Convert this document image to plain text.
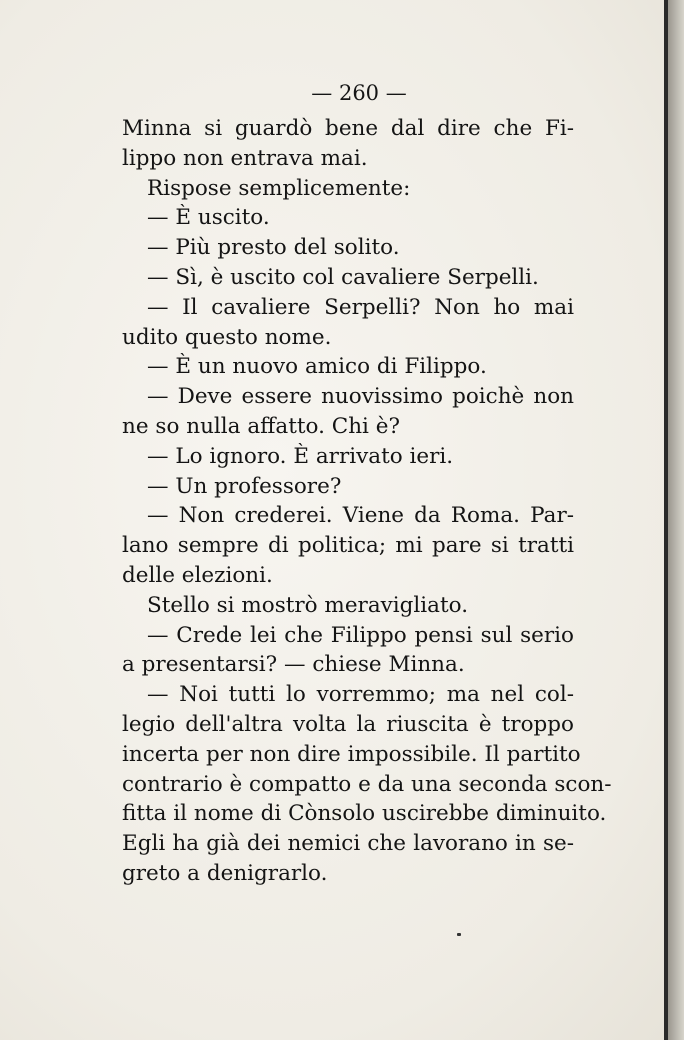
— 260 —
Minna si guardò bene dal dire che Fi-
lippo non entrava mai.
Rispose semplicemente:
— È uscito.
— Più presto del solito.
— Sì, è uscito col cavaliere Serpelli.
— Il cavaliere Serpelli? Non ho mai
udito questo nome.
— È un nuovo amico di Filippo.
— Deve essere nuovissimo poichè non
ne so nulla affatto. Chi è?
— Lo ignoro. È arrivato ieri.
— Un professore?
— Non crederei. Viene da Roma. Par-
lano sempre di politica; mi pare si tratti
delle elezioni.
Stello si mostrò meravigliato.
— Crede lei che Filippo pensi sul serio
a presentarsi? — chiese Minna.
— Noi tutti lo vorremmo; ma nel col-
legio dell'altra volta la riuscita è troppo
incerta per non dire impossibile. Il partito
contrario è compatto e da una seconda scon-
fitta il nome di Cònsolo uscirebbe diminuito.
Egli ha già dei nemici che lavorano in se-
greto a denigrarlo.
